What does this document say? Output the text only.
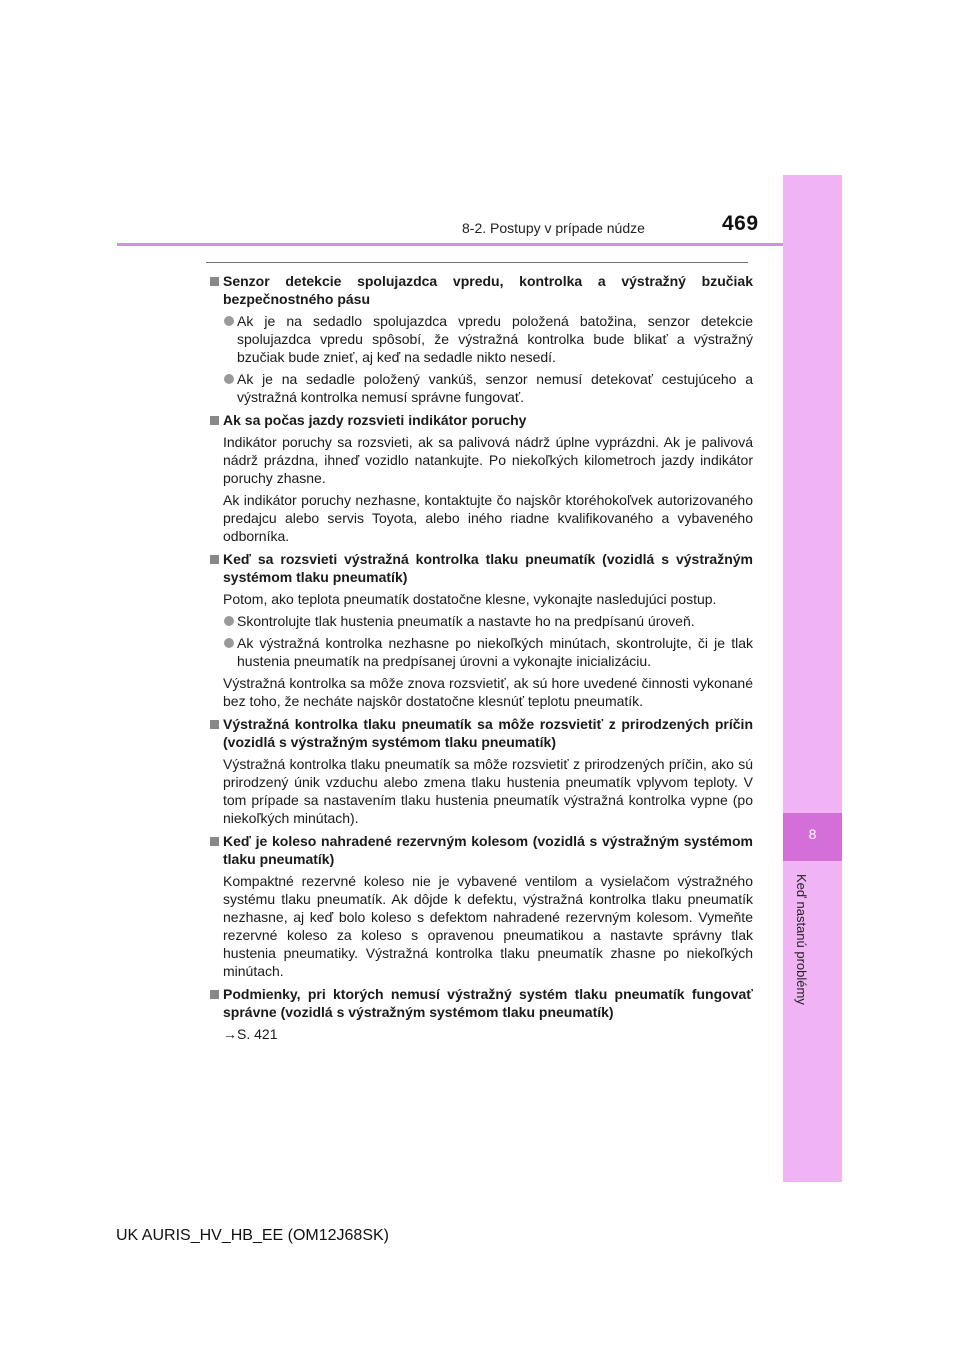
8-2. Postupy v prípade núdze	469
8
Keď nastanú problémy
Senzor detekcie spolujazdca vpredu, kontrolka a výstražný bzučiak bezpečnostného pásu
Ak je na sedadlo spolujazdca vpredu položená batožina, senzor detekcie spolujazdca vpredu spôsobí, že výstražná kontrolka bude blikať a výstražný bzučiak bude znieť, aj keď na sedadle nikto nesedí.
Ak je na sedadle položený vankúš, senzor nemusí detekovať cestujúceho a výstražná kontrolka nemusí správne fungovať.
Ak sa počas jazdy rozsvieti indikátor poruchy
Indikátor poruchy sa rozsvieti, ak sa palivová nádrž úplne vyprázdni. Ak je palivová nádrž prázdna, ihneď vozidlo natankujte. Po niekoľkých kilometroch jazdy indikátor poruchy zhasne.
Ak indikátor poruchy nezhasne, kontaktujte čo najskôr ktoréhokoľvek autorizovaného predajcu alebo servis Toyota, alebo iného riadne kvalifikovaného a vybaveného odborníka.
Keď sa rozsvieti výstražná kontrolka tlaku pneumatík (vozidlá s výstražným systémom tlaku pneumatík)
Potom, ako teplota pneumatík dostatočne klesne, vykonajte nasledujúci postup.
Skontrolujte tlak hustenia pneumatík a nastavte ho na predpísanú úroveň.
Ak výstražná kontrolka nezhasne po niekoľkých minútach, skontrolujte, či je tlak hustenia pneumatík na predpísanej úrovni a vykonajte inicializáciu.
Výstražná kontrolka sa môže znova rozsvietiť, ak sú hore uvedené činnosti vykonané bez toho, že necháte najskôr dostatočne klesnúť teplotu pneumatík.
Výstražná kontrolka tlaku pneumatík sa môže rozsvietiť z prirodzených príčin (vozidlá s výstražným systémom tlaku pneumatík)
Výstražná kontrolka tlaku pneumatík sa môže rozsvietiť z prirodzených príčin, ako sú prirodzený únik vzduchu alebo zmena tlaku hustenia pneumatík vplyvom teploty. V tom prípade sa nastavením tlaku hustenia pneumatík výstražná kontrolka vypne (po niekoľkých minútach).
Keď je koleso nahradené rezervným kolesom (vozidlá s výstražným systémom tlaku pneumatík)
Kompaktné rezervné koleso nie je vybavené ventilom a vysielačom výstražného systému tlaku pneumatík. Ak dôjde k defektu, výstražná kontrolka tlaku pneumatík nezhasne, aj keď bolo koleso s defektom nahradené rezervným kolesom. Vymeňte rezervné koleso za koleso s opravenou pneumatikou a nastavte správny tlak hustenia pneumatiky. Výstražná kontrolka tlaku pneumatík zhasne po niekoľkých minútach.
Podmienky, pri ktorých nemusí výstražný systém tlaku pneumatík fungovať správne (vozidlá s výstražným systémom tlaku pneumatík)
→S. 421
UK AURIS_HV_HB_EE (OM12J68SK)
